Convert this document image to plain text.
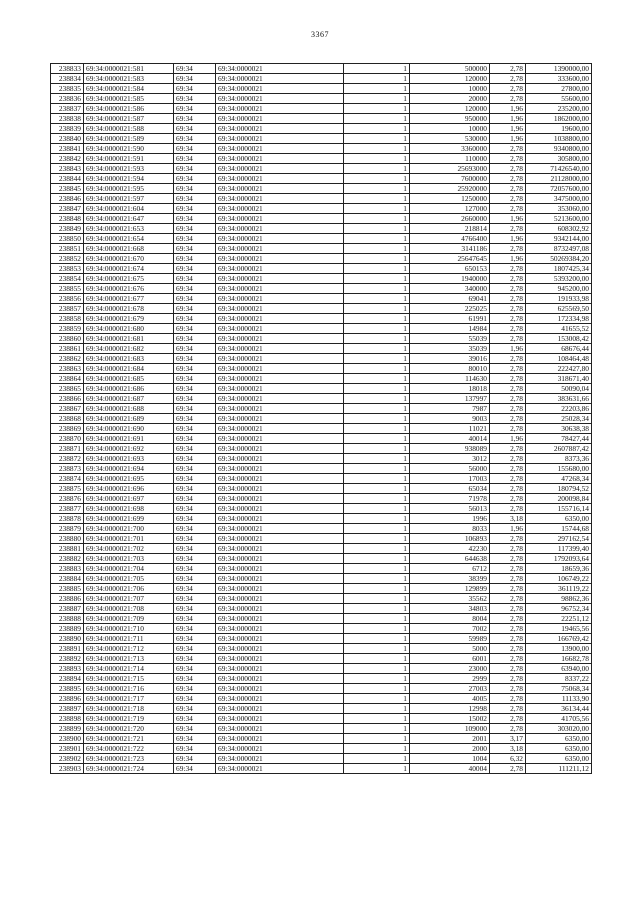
3367
238833	69:34:0000021:581	69:34	69:34:0000021	1	500000	2,78	1390000,00
238834	69:34:0000021:583	69:34	69:34:0000021	1	120000	2,78	333600,00
238835	69:34:0000021:584	69:34	69:34:0000021	1	10000	2,78	27800,00
238836	69:34:0000021:585	69:34	69:34:0000021	1	20000	2,78	55600,00
238837	69:34:0000021:586	69:34	69:34:0000021	1	120000	1,96	235200,00
238838	69:34:0000021:587	69:34	69:34:0000021	1	950000	1,96	1862000,00
238839	69:34:0000021:588	69:34	69:34:0000021	1	10000	1,96	19600,00
238840	69:34:0000021:589	69:34	69:34:0000021	1	530000	1,96	1038800,00
238841	69:34:0000021:590	69:34	69:34:0000021	1	3360000	2,78	9340800,00
238842	69:34:0000021:591	69:34	69:34:0000021	1	110000	2,78	305800,00
238843	69:34:0000021:593	69:34	69:34:0000021	1	25693000	2,78	71426540,00
238844	69:34:0000021:594	69:34	69:34:0000021	1	7600000	2,78	21128000,00
238845	69:34:0000021:595	69:34	69:34:0000021	1	25920000	2,78	72057600,00
238846	69:34:0000021:597	69:34	69:34:0000021	1	1250000	2,78	3475000,00
238847	69:34:0000021:604	69:34	69:34:0000021	1	127000	2,78	353060,00
238848	69:34:0000021:647	69:34	69:34:0000021	1	2660000	1,96	5213600,00
238849	69:34:0000021:653	69:34	69:34:0000021	1	218814	2,78	608302,92
238850	69:34:0000021:654	69:34	69:34:0000021	1	4766400	1,96	9342144,00
238851	69:34:0000021:668	69:34	69:34:0000021	1	3141186	2,78	8732497,08
238852	69:34:0000021:670	69:34	69:34:0000021	1	25647645	1,96	50269384,20
238853	69:34:0000021:674	69:34	69:34:0000021	1	650153	2,78	1807425,34
238854	69:34:0000021:675	69:34	69:34:0000021	1	1940000	2,78	5393200,00
238855	69:34:0000021:676	69:34	69:34:0000021	1	340000	2,78	945200,00
238856	69:34:0000021:677	69:34	69:34:0000021	1	69041	2,78	191933,98
238857	69:34:0000021:678	69:34	69:34:0000021	1	225025	2,78	625569,50
238858	69:34:0000021:679	69:34	69:34:0000021	1	61991	2,78	172334,98
238859	69:34:0000021:680	69:34	69:34:0000021	1	14984	2,78	41655,52
238860	69:34:0000021:681	69:34	69:34:0000021	1	55039	2,78	153008,42
238861	69:34:0000021:682	69:34	69:34:0000021	1	35039	1,96	68676,44
238862	69:34:0000021:683	69:34	69:34:0000021	1	39016	2,78	108464,48
238863	69:34:0000021:684	69:34	69:34:0000021	1	80010	2,78	222427,80
238864	69:34:0000021:685	69:34	69:34:0000021	1	114630	2,78	318671,40
238865	69:34:0000021:686	69:34	69:34:0000021	1	18018	2,78	50090,04
238866	69:34:0000021:687	69:34	69:34:0000021	1	137997	2,78	383631,66
238867	69:34:0000021:688	69:34	69:34:0000021	1	7987	2,78	22203,86
238868	69:34:0000021:689	69:34	69:34:0000021	1	9003	2,78	25028,34
238869	69:34:0000021:690	69:34	69:34:0000021	1	11021	2,78	30638,38
238870	69:34:0000021:691	69:34	69:34:0000021	1	40014	1,96	78427,44
238871	69:34:0000021:692	69:34	69:34:0000021	1	938089	2,78	2607887,42
238872	69:34:0000021:693	69:34	69:34:0000021	1	3012	2,78	8373,36
238873	69:34:0000021:694	69:34	69:34:0000021	1	56000	2,78	155680,00
238874	69:34:0000021:695	69:34	69:34:0000021	1	17003	2,78	47268,34
238875	69:34:0000021:696	69:34	69:34:0000021	1	65034	2,78	180794,52
238876	69:34:0000021:697	69:34	69:34:0000021	1	71978	2,78	200098,84
238877	69:34:0000021:698	69:34	69:34:0000021	1	56013	2,78	155716,14
238878	69:34:0000021:699	69:34	69:34:0000021	1	1996	3,18	6350,00
238879	69:34:0000021:700	69:34	69:34:0000021	1	8033	1,96	15744,68
238880	69:34:0000021:701	69:34	69:34:0000021	1	106893	2,78	297162,54
238881	69:34:0000021:702	69:34	69:34:0000021	1	42230	2,78	117399,40
238882	69:34:0000021:703	69:34	69:34:0000021	1	644638	2,78	1792093,64
238883	69:34:0000021:704	69:34	69:34:0000021	1	6712	2,78	18659,36
238884	69:34:0000021:705	69:34	69:34:0000021	1	38399	2,78	106749,22
238885	69:34:0000021:706	69:34	69:34:0000021	1	129899	2,78	361119,22
238886	69:34:0000021:707	69:34	69:34:0000021	1	35562	2,78	98862,36
238887	69:34:0000021:708	69:34	69:34:0000021	1	34803	2,78	96752,34
238888	69:34:0000021:709	69:34	69:34:0000021	1	8004	2,78	22251,12
238889	69:34:0000021:710	69:34	69:34:0000021	1	7002	2,78	19465,56
238890	69:34:0000021:711	69:34	69:34:0000021	1	59989	2,78	166769,42
238891	69:34:0000021:712	69:34	69:34:0000021	1	5000	2,78	13900,00
238892	69:34:0000021:713	69:34	69:34:0000021	1	6001	2,78	16682,78
238893	69:34:0000021:714	69:34	69:34:0000021	1	23000	2,78	63940,00
238894	69:34:0000021:715	69:34	69:34:0000021	1	2999	2,78	8337,22
238895	69:34:0000021:716	69:34	69:34:0000021	1	27003	2,78	75068,34
238896	69:34:0000021:717	69:34	69:34:0000021	1	4005	2,78	11133,90
238897	69:34:0000021:718	69:34	69:34:0000021	1	12998	2,78	36134,44
238898	69:34:0000021:719	69:34	69:34:0000021	1	15002	2,78	41705,56
238899	69:34:0000021:720	69:34	69:34:0000021	1	109000	2,78	303020,00
238900	69:34:0000021:721	69:34	69:34:0000021	1	2001	3,17	6350,00
238901	69:34:0000021:722	69:34	69:34:0000021	1	2000	3,18	6350,00
238902	69:34:0000021:723	69:34	69:34:0000021	1	1004	6,32	6350,00
238903	69:34:0000021:724	69:34	69:34:0000021	1	40004	2,78	111211,12
